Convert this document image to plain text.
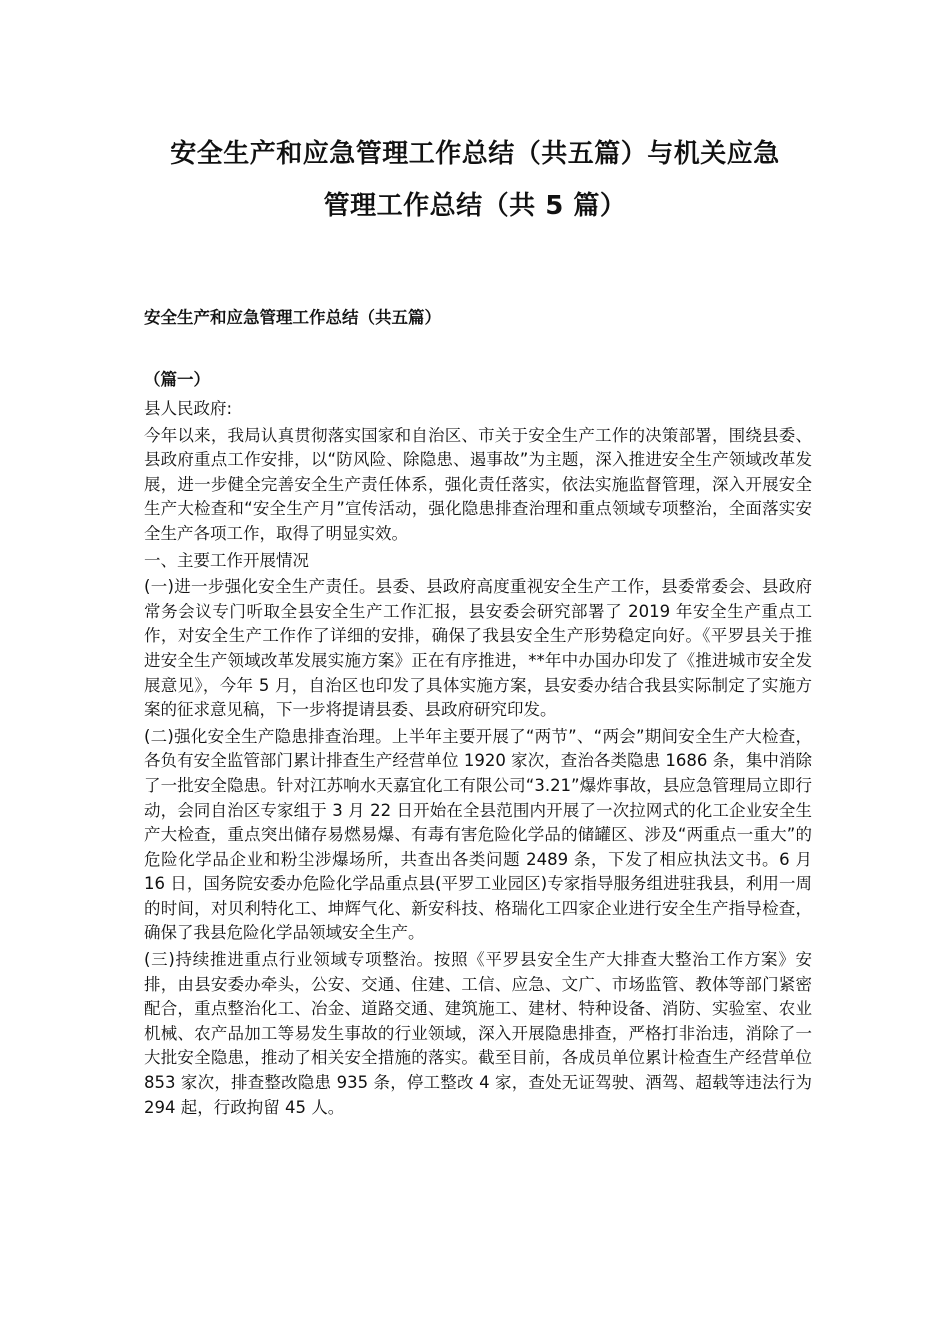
安全生产和应急管理工作总结（共五篇）与机关应急
管理工作总结（共 5 篇）
安全生产和应急管理工作总结（共五篇）
（篇一）

县人民政府:

今年以来，我局认真贯彻落实国家和自治区、市关于安全生产工作的决策部署，围绕县委、县政府重点工作安排，以“防风险、除隐患、遏事故”为主题，深入推进安全生产领域改革发展，进一步健全完善安全生产责任体系，强化责任落实，依法实施监督管理，深入开展安全生产大检查和“安全生产月”宣传活动，强化隐患排查治理和重点领域专项整治，全面落实安全生产各项工作，取得了明显实效。

一、主要工作开展情况

(一)进一步强化安全生产责任。县委、县政府高度重视安全生产工作，县委常委会、县政府常务会议专门听取全县安全生产工作汇报，县安委会研究部署了 2019 年安全生产重点工作，对安全生产工作作了详细的安排，确保了我县安全生产形势稳定向好。《平罗县关于推进安全生产领域改革发展实施方案》正在有序推进，**年中办国办印发了《推进城市安全发展意见》，今年 5 月，自治区也印发了具体实施方案，县安委办结合我县实际制定了实施方案的征求意见稿，下一步将提请县委、县政府研究印发。

(二)强化安全生产隐患排查治理。上半年主要开展了“两节”、“两会”期间安全生产大检查，各负有安全监管部门累计排查生产经营单位 1920 家次，查治各类隐患 1686 条，集中消除了一批安全隐患。针对江苏响水天嘉宜化工有限公司“3.21”爆炸事故，县应急管理局立即行动，会同自治区专家组于 3 月 22 日开始在全县范围内开展了一次拉网式的化工企业安全生产大检查，重点突出储存易燃易爆、有毒有害危险化学品的储罐区、涉及“两重点一重大”的危险化学品企业和粉尘涉爆场所，共查出各类问题 2489 条，下发了相应执法文书。6 月 16 日，国务院安委办危险化学品重点县(平罗工业园区)专家指导服务组进驻我县，利用一周的时间，对贝利特化工、坤辉气化、新安科技、格瑞化工四家企业进行安全生产指导检查，确保了我县危险化学品领域安全生产。

(三)持续推进重点行业领域专项整治。按照《平罗县安全生产大排查大整治工作方案》安排，由县安委办牵头，公安、交通、住建、工信、应急、文广、市场监管、教体等部门紧密配合，重点整治化工、冶金、道路交通、建筑施工、建材、特种设备、消防、实验室、农业机械、农产品加工等易发生事故的行业领域，深入开展隐患排查，严格打非治违，消除了一大批安全隐患，推动了相关安全措施的落实。截至目前，各成员单位累计检查生产经营单位 853 家次，排查整改隐患 935 条，停工整改 4 家，查处无证驾驶、酒驾、超载等违法行为 294 起，行政拘留 45 人。
